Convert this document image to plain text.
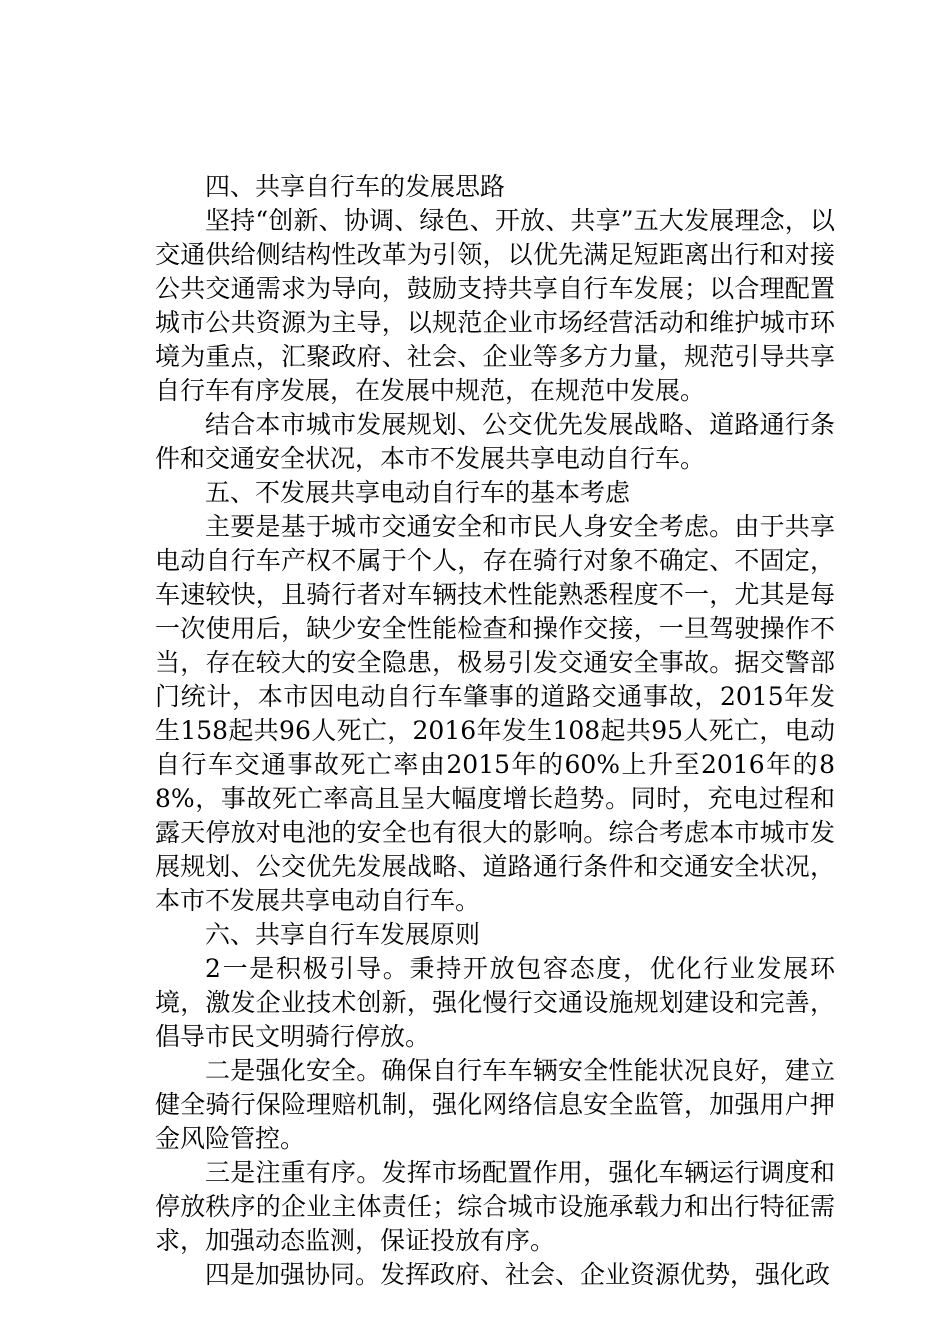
四、共享自行车的发展思路

坚持“创新、协调、绿色、开放、共享”五大发展理念，以交通供给侧结构性改革为引领，以优先满足短距离出行和对接公共交通需求为导向，鼓励支持共享自行车发展；以合理配置城市公共资源为主导，以规范企业市场经营活动和维护城市环境为重点，汇聚政府、社会、企业等多方力量，规范引导共享自行车有序发展，在发展中规范，在规范中发展。

结合本市城市发展规划、公交优先发展战略、道路通行条件和交通安全状况，本市不发展共享电动自行车。

五、不发展共享电动自行车的基本考虑

主要是基于城市交通安全和市民人身安全考虑。由于共享电动自行车产权不属于个人，存在骑行对象不确定、不固定，车速较快，且骑行者对车辆技术性能熟悉程度不一，尤其是每一次使用后，缺少安全性能检查和操作交接，一旦驾驶操作不当，存在较大的安全隐患，极易引发交通安全事故。据交警部门统计，本市因电动自行车肇事的道路交通事故，2015年发生158起共96人死亡，2016年发生108起共95人死亡，电动自行车交通事故死亡率由2015年的60%上升至2016年的88%，事故死亡率高且呈大幅度增长趋势。同时，充电过程和露天停放对电池的安全也有很大的影响。综合考虑本市城市发展规划、公交优先发展战略、道路通行条件和交通安全状况，本市不发展共享电动自行车。

六、共享自行车发展原则

2一是积极引导。秉持开放包容态度，优化行业发展环境，激发企业技术创新，强化慢行交通设施规划建设和完善，倡导市民文明骑行停放。

二是强化安全。确保自行车车辆安全性能状况良好，建立健全骑行保险理赔机制，强化网络信息安全监管，加强用户押金风险管控。

三是注重有序。发挥市场配置作用，强化车辆运行调度和停放秩序的企业主体责任；综合城市设施承载力和出行特征需求，加强动态监测，保证投放有序。

四是加强协同。发挥政府、社会、企业资源优势，强化政
